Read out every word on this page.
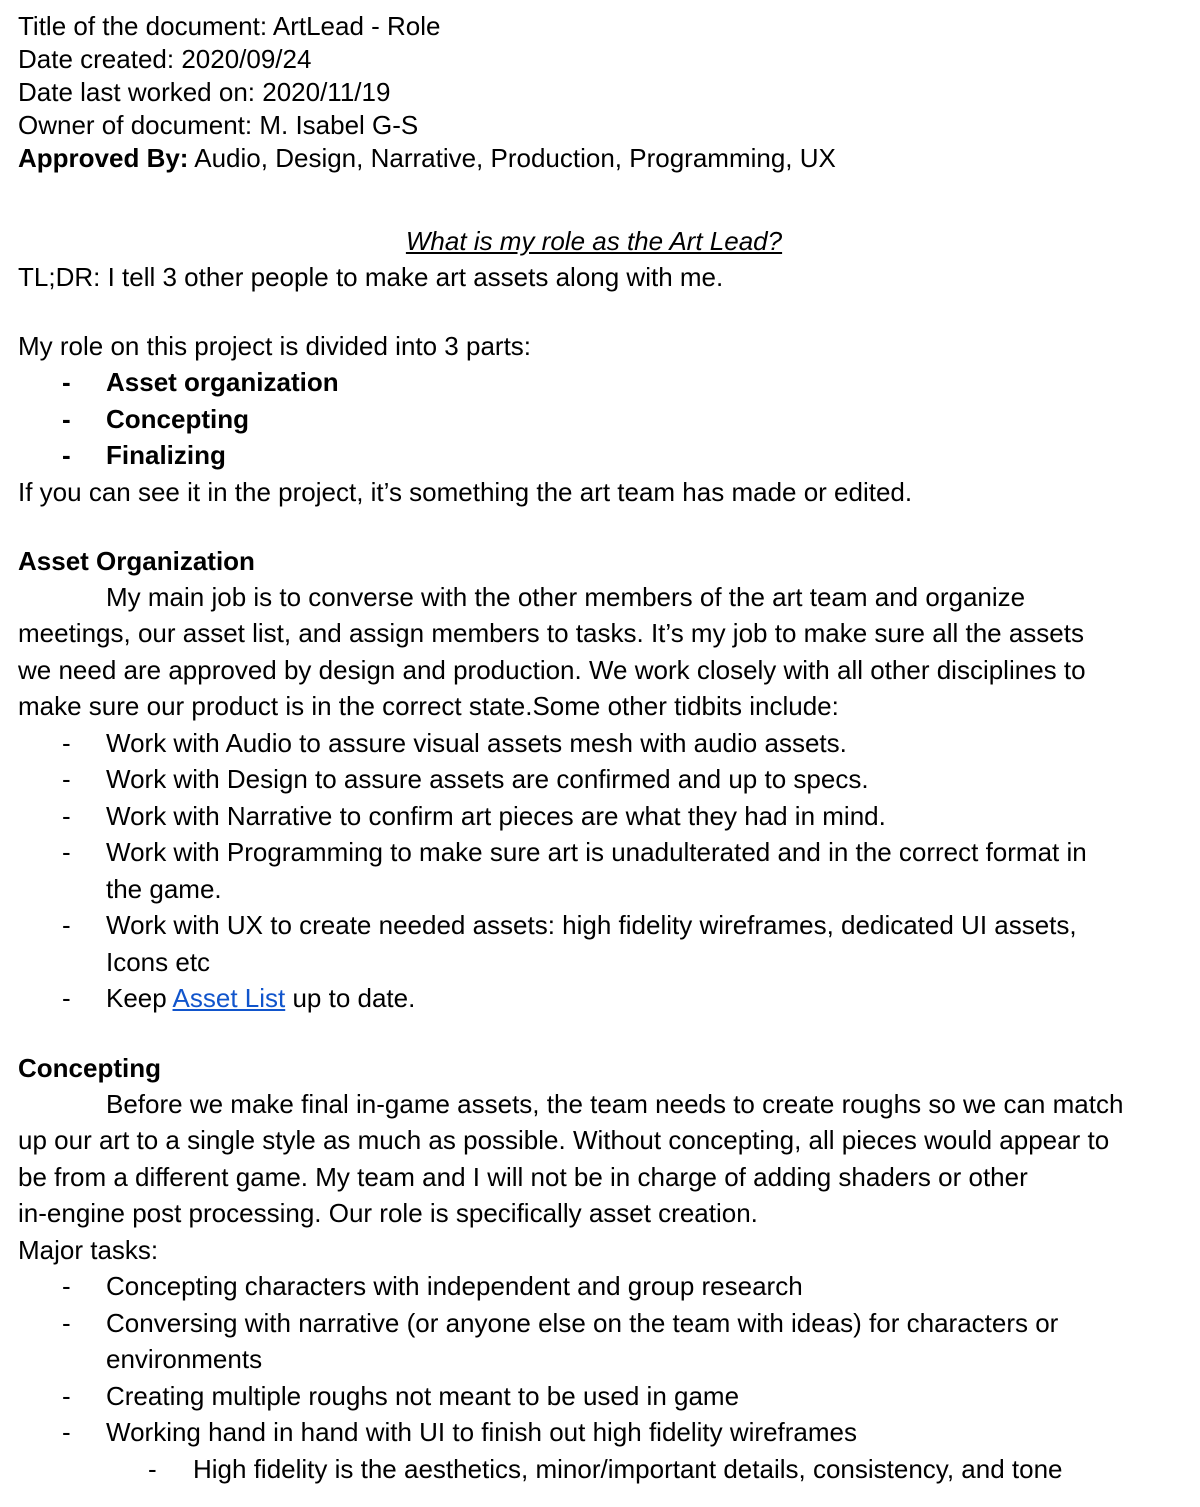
Title of the document: ArtLead - Role

Date created: 2020/09/24

Date last worked on: 2020/11/19

Owner of document: M. Isabel G-S

Approved By: Audio, Design, Narrative, Production, Programming, UX

What is my role as the Art Lead?

TL;DR: I tell 3 other people to make art assets along with me.

My role on this project is divided into 3 parts:

- Asset organization
- Concepting
- Finalizing

If you can see it in the project, it’s something the art team has made or edited.

Asset Organization

My main job is to converse with the other members of the art team and organize
meetings, our asset list, and assign members to tasks. It’s my job to make sure all the assets
we need are approved by design and production. We work closely with all other disciplines to
make sure our product is in the correct state.Some other tidbits include:

- Work with Audio to assure visual assets mesh with audio assets.
- Work with Design to assure assets are confirmed and up to specs.
- Work with Narrative to confirm art pieces are what they had in mind.
- Work with Programming to make sure art is unadulterated and in the correct format in
the game.
- Work with UX to create needed assets: high fidelity wireframes, dedicated UI assets,
Icons etc
- Keep Asset List up to date.

Concepting

Before we make final in-game assets, the team needs to create roughs so we can match
up our art to a single style as much as possible. Without concepting, all pieces would appear to
be from a different game. My team and I will not be in charge of adding shaders or other
in-engine post processing. Our role is specifically asset creation.
Major tasks:

- Concepting characters with independent and group research
- Conversing with narrative (or anyone else on the team with ideas) for characters or
environments
- Creating multiple roughs not meant to be used in game
- Working hand in hand with UI to finish out high fidelity wireframes
- High fidelity is the aesthetics, minor/important details, consistency, and tone
